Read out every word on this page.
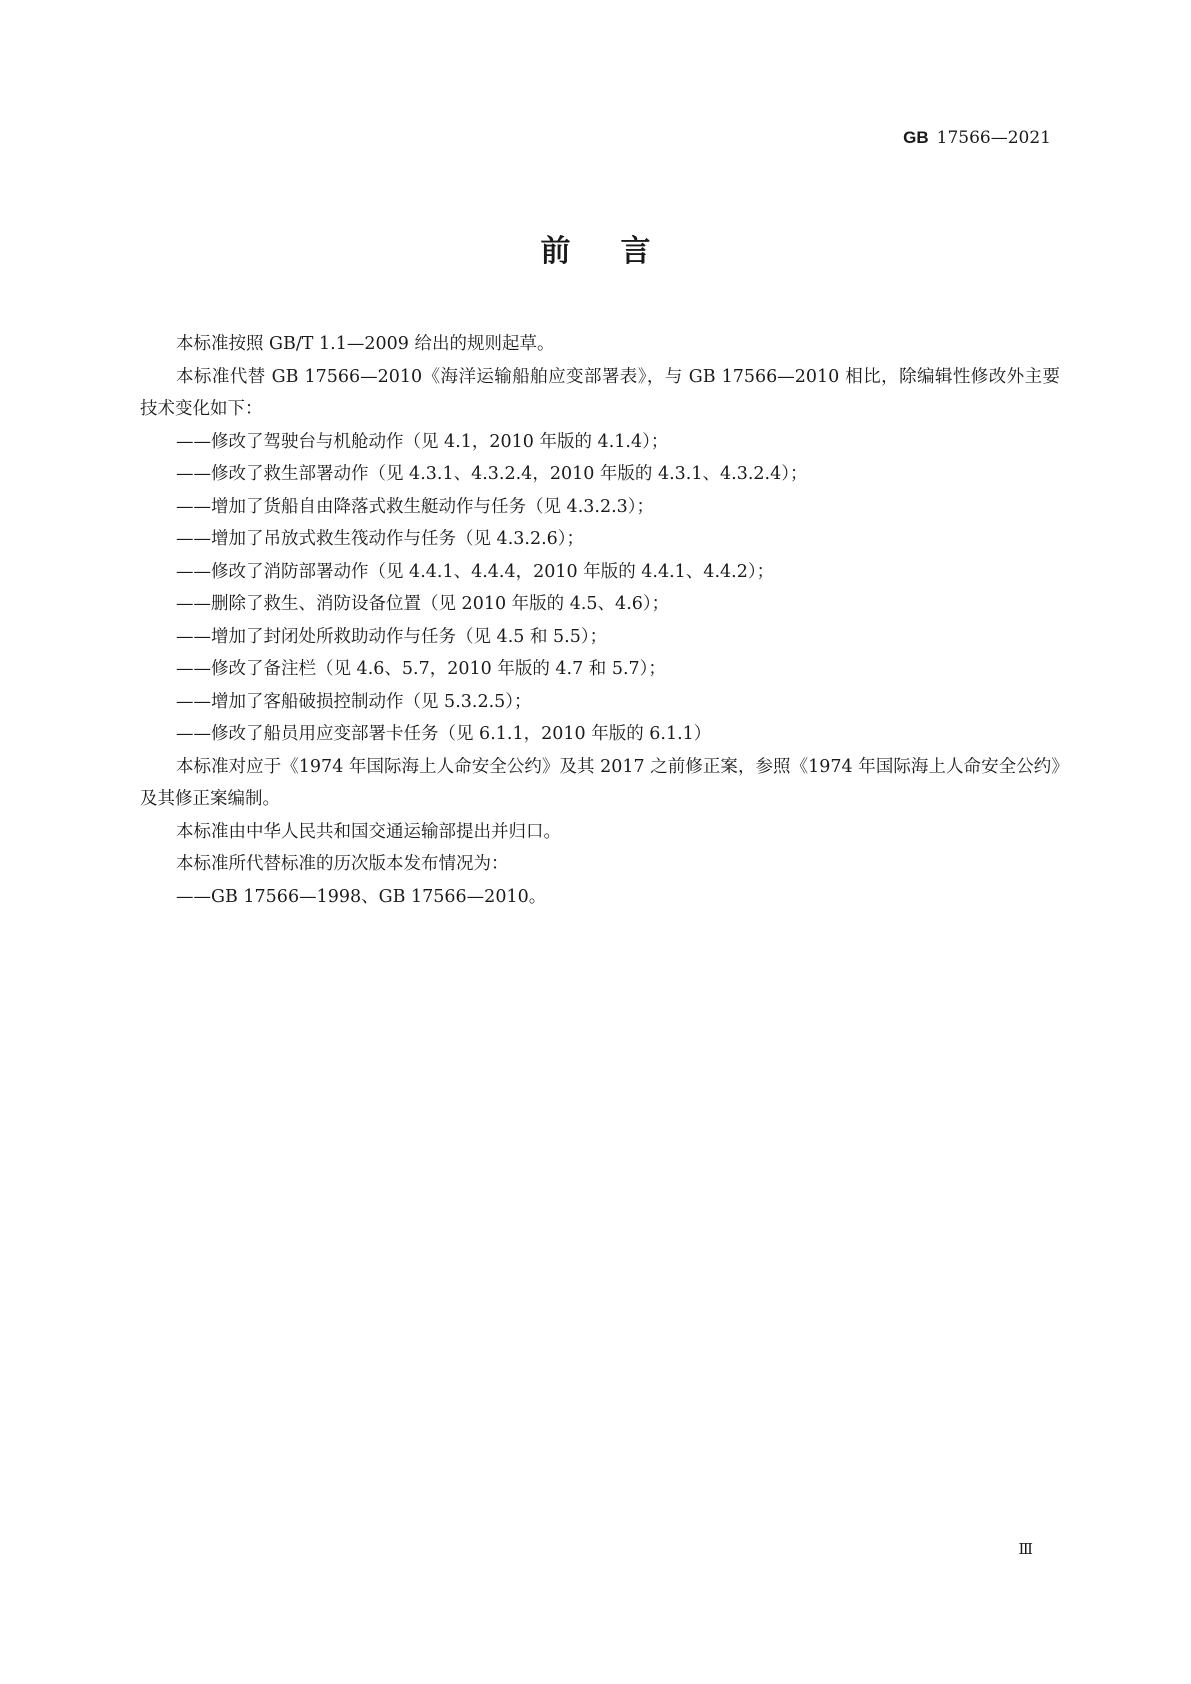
GB 17566—2021
前言

本标准按照 GB/T 1.1—2009 给出的规则起草。

本标准代替 GB 17566—2010《海洋运输船舶应变部署表》，与 GB 17566—2010 相比，除编辑性修改外主要技术变化如下：

——修改了驾驶台与机舱动作（见 4.1，2010 年版的 4.1.4）；

——修改了救生部署动作（见 4.3.1、4.3.2.4，2010 年版的 4.3.1、4.3.2.4）；

——增加了货船自由降落式救生艇动作与任务（见 4.3.2.3）；

——增加了吊放式救生筏动作与任务（见 4.3.2.6）；

——修改了消防部署动作（见 4.4.1、4.4.4，2010 年版的 4.4.1、4.4.2）；

——删除了救生、消防设备位置（见 2010 年版的 4.5、4.6）；

——增加了封闭处所救助动作与任务（见 4.5 和 5.5）；

——修改了备注栏（见 4.6、5.7，2010 年版的 4.7 和 5.7）；

——增加了客船破损控制动作（见 5.3.2.5）；

——修改了船员用应变部署卡任务（见 6.1.1，2010 年版的 6.1.1）

本标准对应于《1974 年国际海上人命安全公约》及其 2017 之前修正案，参照《1974 年国际海上人命安全公约》及其修正案编制。

本标准由中华人民共和国交通运输部提出并归口。

本标准所代替标准的历次版本发布情况为：

——GB 17566—1998、GB 17566—2010。

Ⅲ
